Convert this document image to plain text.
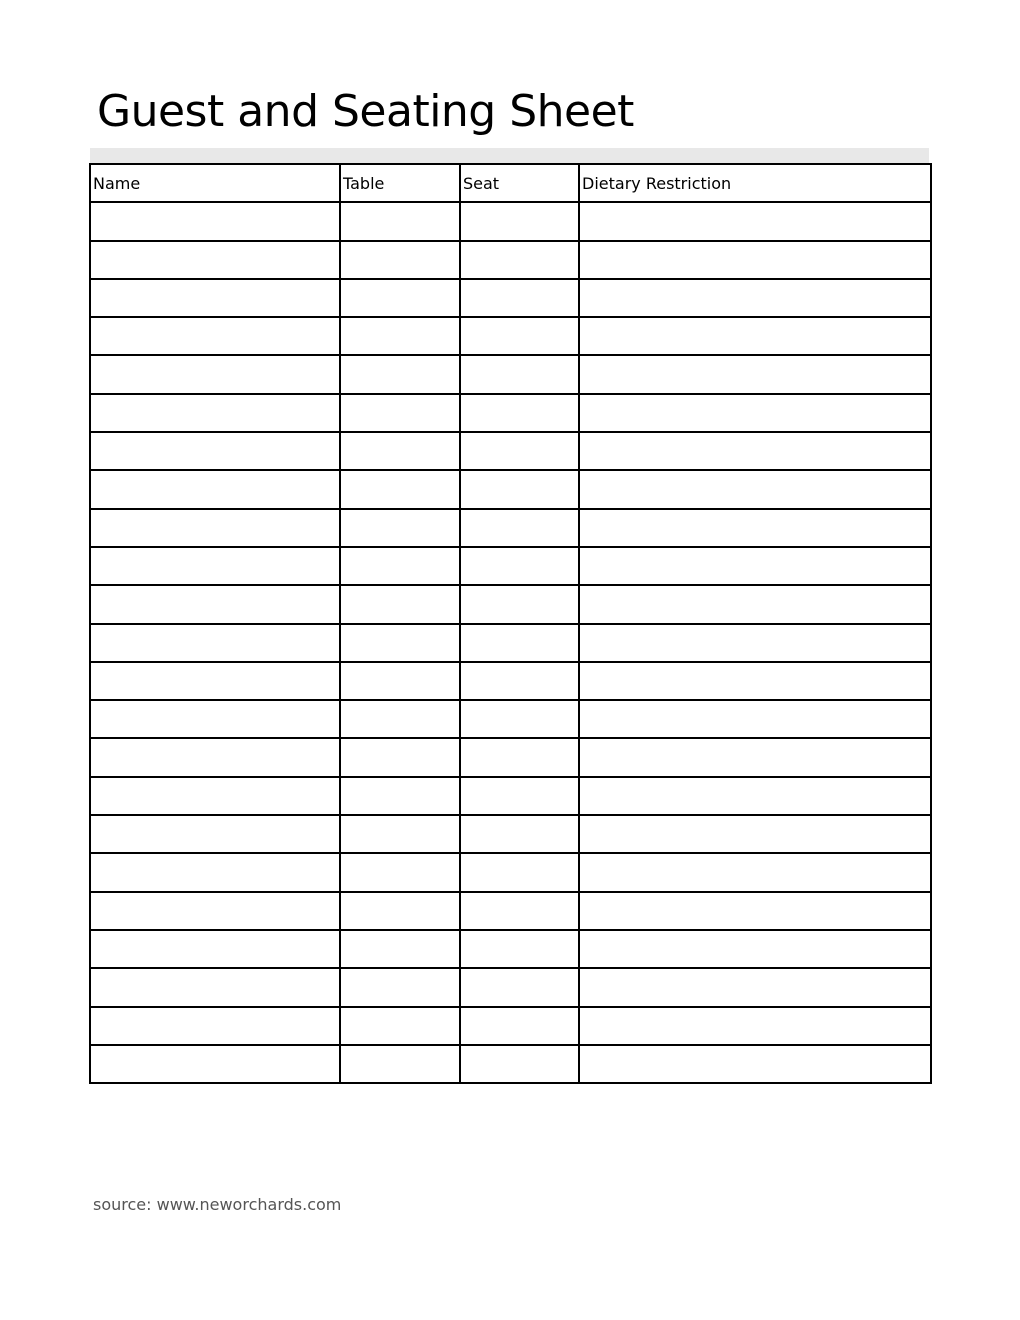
Guest and Seating Sheet
Name	Table	Seat	Dietary Restriction

source: www.neworchards.com
